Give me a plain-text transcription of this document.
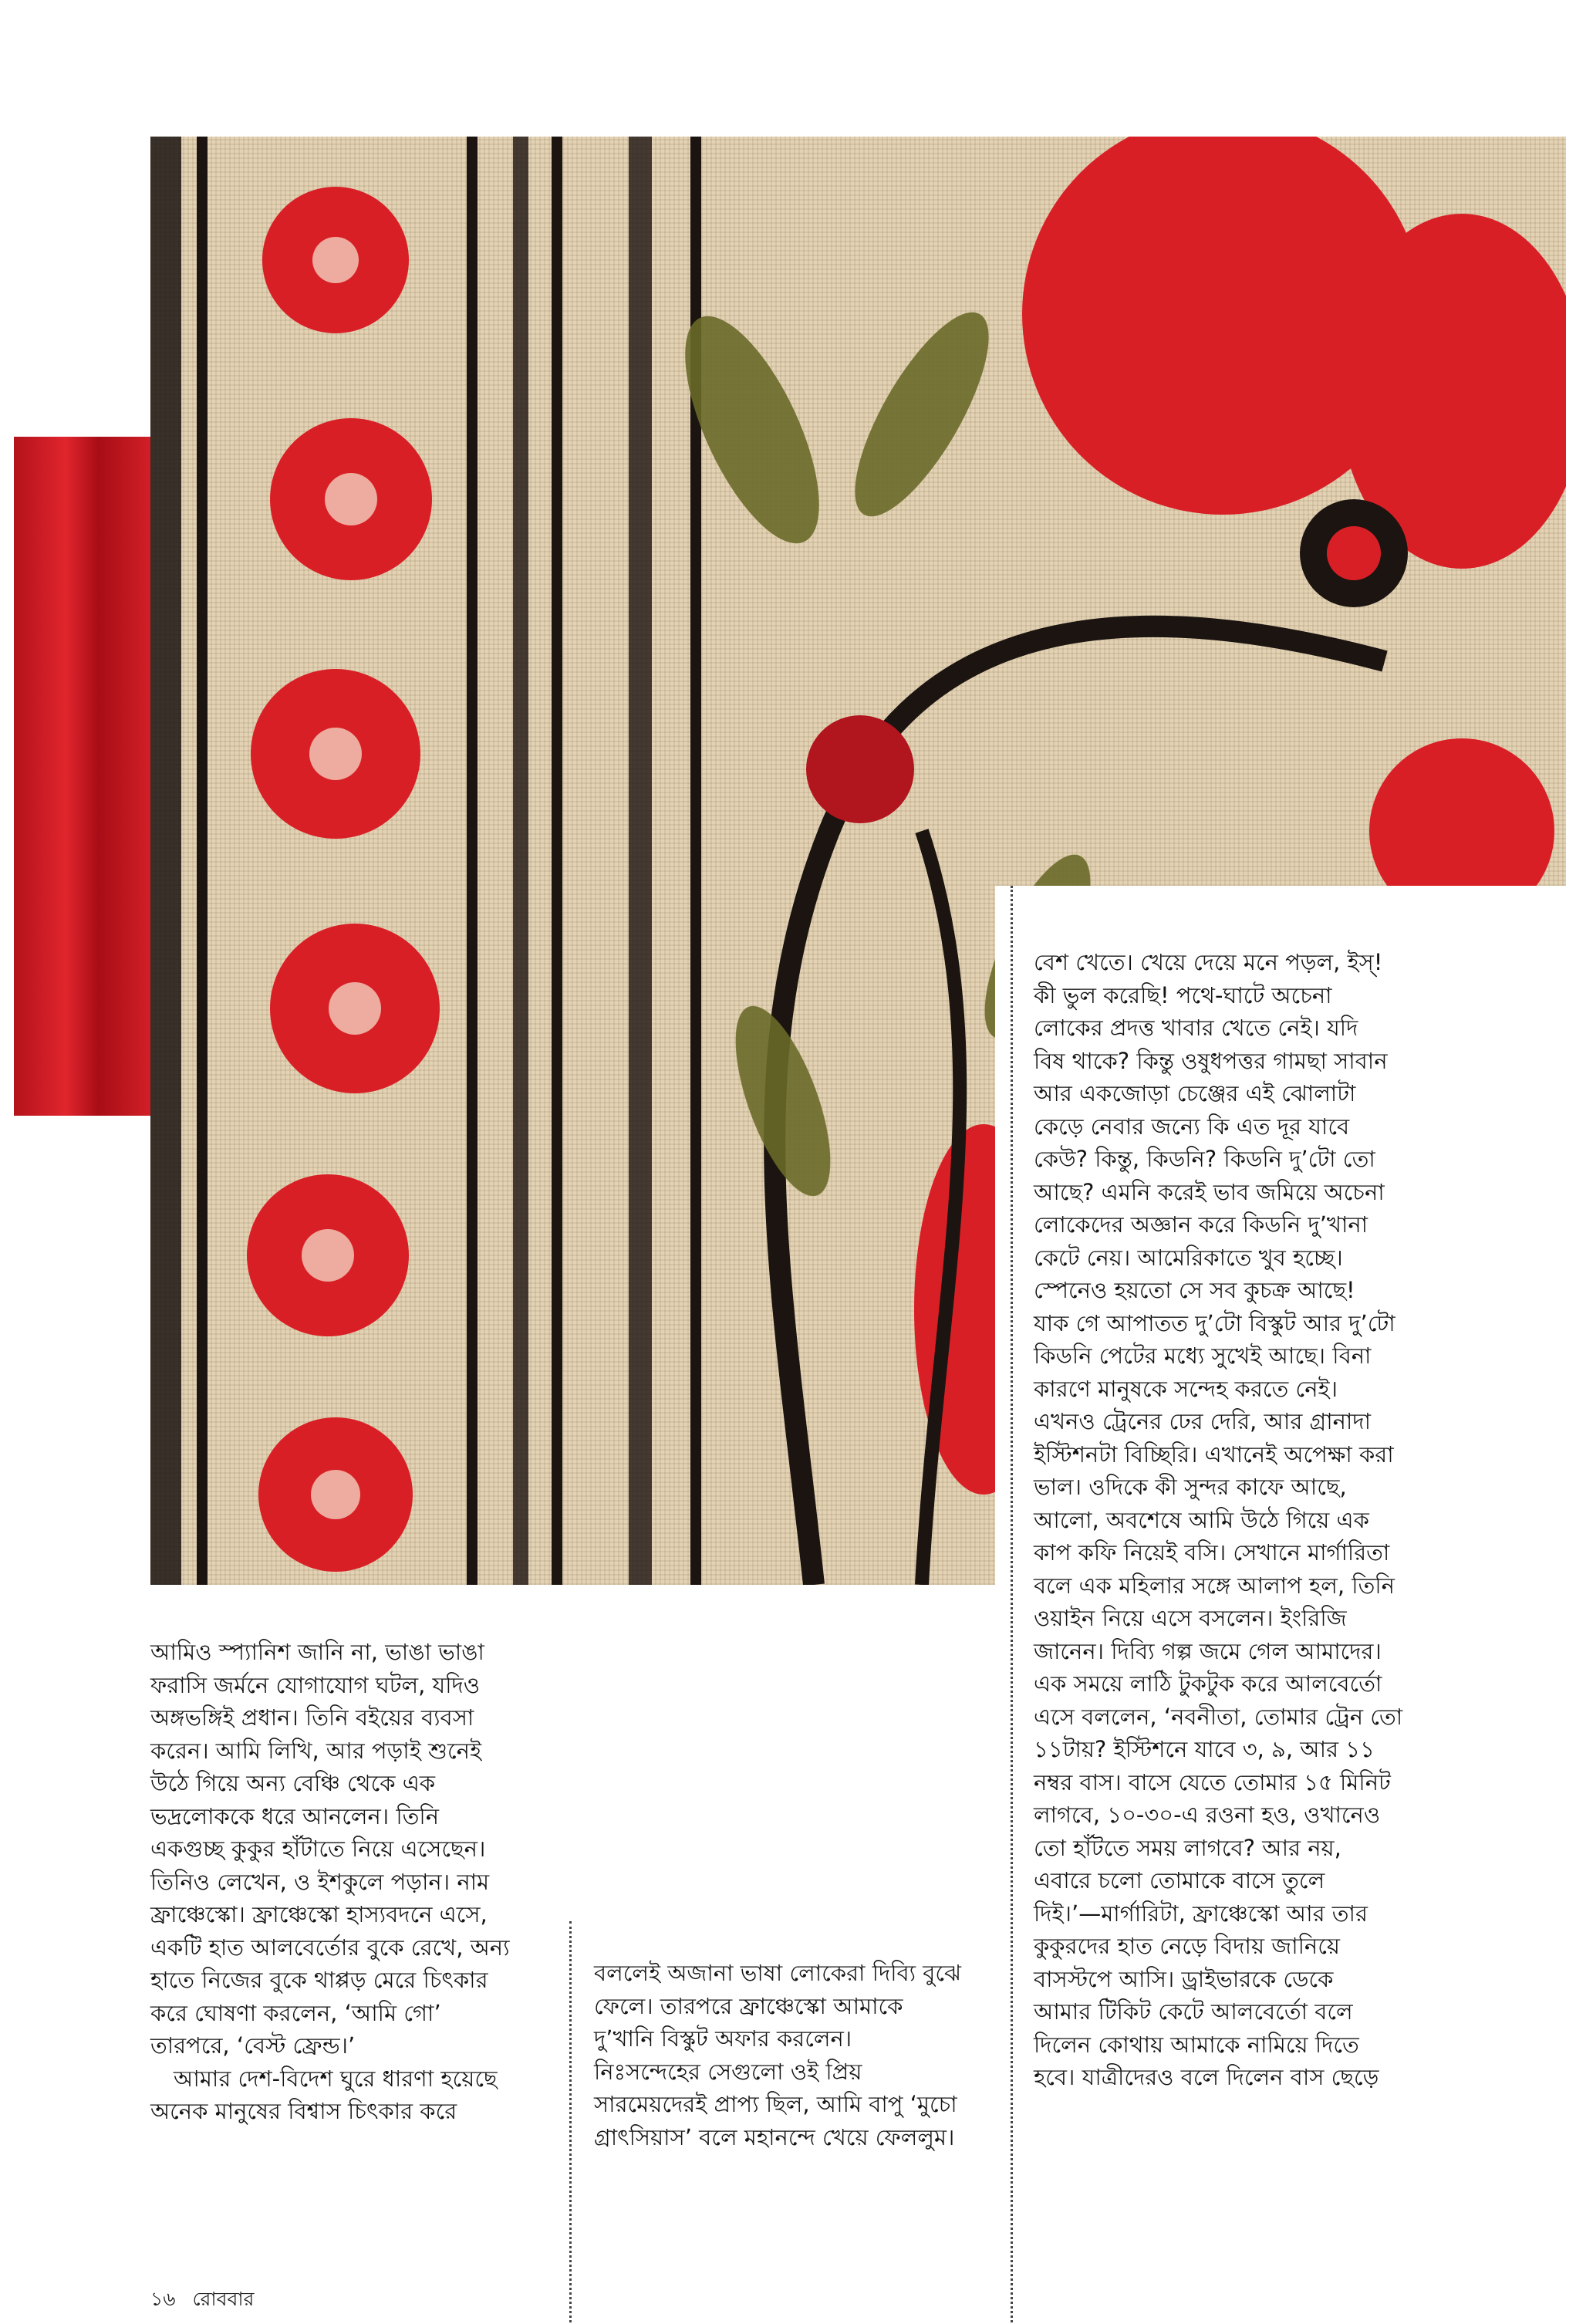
আমিও স্প্যানিশ জানি না, ভাঙা ভাঙা
ফরাসি জর্মনে যোগাযোগ ঘটল, যদিও
অঙ্গভঙ্গিই প্রধান। তিনি বইয়ের ব্যবসা
করেন। আমি লিখি, আর পড়াই শুনেই
উঠে গিয়ে অন্য বেঞ্চি থেকে এক
ভদ্রলোককে ধরে আনলেন। তিনি
একগুচ্ছ কুকুর হাঁটাতে নিয়ে এসেছেন।
তিনিও লেখেন, ও ইশকুলে পড়ান। নাম
ফ্রাঞ্চেস্কো। ফ্রাঞ্চেস্কো হাস্যবদনে এসে,
একটি হাত আলবের্তোর বুকে রেখে, অন্য
হাতে নিজের বুকে থাপ্পড় মেরে চিৎকার
করে ঘোষণা করলেন, ‘আমি গো’
তারপরে, ‘বেস্ট ফ্রেন্ড।’

আমার দেশ-বিদেশ ঘুরে ধারণা হয়েছে
অনেক মানুষের বিশ্বাস চিৎকার করে

বললেই অজানা ভাষা লোকেরা দিব্যি বুঝে
ফেলে। তারপরে ফ্রাঞ্চেস্কো আমাকে
দু’খানি বিস্কুট অফার করলেন।
নিঃসন্দেহের সেগুলো ওই প্রিয়
সারমেয়দেরই প্রাপ্য ছিল, আমি বাপু ‘মুচো
গ্রাৎসিয়াস’ বলে মহানন্দে খেয়ে ফেললুম।

বেশ খেতে। খেয়ে দেয়ে মনে পড়ল, ইস্!
কী ভুল করেছি! পথে-ঘাটে অচেনা
লোকের প্রদত্ত খাবার খেতে নেই। যদি
বিষ থাকে? কিন্তু ওষুধপত্তর গামছা সাবান
আর একজোড়া চেঞ্জের এই ঝোলাটা
কেড়ে নেবার জন্যে কি এত দূর যাবে
কেউ? কিন্তু, কিডনি? কিডনি দু’টো তো
আছে? এমনি করেই ভাব জমিয়ে অচেনা
লোকেদের অজ্ঞান করে কিডনি দু’খানা
কেটে নেয়। আমেরিকাতে খুব হচ্ছে।
স্পেনেও হয়তো সে সব কুচক্র আছে!
যাক গে আপাতত দু’টো বিস্কুট আর দু’টো
কিডনি পেটের মধ্যে সুখেই আছে। বিনা
কারণে মানুষকে সন্দেহ করতে নেই।
এখনও ট্রেনের ঢের দেরি, আর গ্রানাদা
ইস্টিশনটা বিচ্ছিরি। এখানেই অপেক্ষা করা
ভাল। ওদিকে কী সুন্দর কাফে আছে,
আলো, অবশেষে আমি উঠে গিয়ে এক
কাপ কফি নিয়েই বসি। সেখানে মার্গারিতা
বলে এক মহিলার সঙ্গে আলাপ হল, তিনি
ওয়াইন নিয়ে এসে বসলেন। ইংরিজি
জানেন। দিব্যি গল্প জমে গেল আমাদের।
এক সময়ে লাঠি টুকটুক করে আলবের্তো
এসে বললেন, ‘নবনীতা, তোমার ট্রেন তো
১১টায়? ইস্টিশনে যাবে ৩, ৯, আর ১১
নম্বর বাস। বাসে যেতে তোমার ১৫ মিনিট
লাগবে, ১০-৩০-এ রওনা হও, ওখানেও
তো হাঁটতে সময় লাগবে? আর নয়,
এবারে চলো তোমাকে বাসে তুলে
দিই।’—মার্গারিটা, ফ্রাঞ্চেস্কো আর তার
কুকুরদের হাত নেড়ে বিদায় জানিয়ে
বাসস্টপে আসি। ড্রাইভারকে ডেকে
আমার টিকিট কেটে আলবের্তো বলে
দিলেন কোথায় আমাকে নামিয়ে দিতে
হবে। যাত্রীদেরও বলে দিলেন বাস ছেড়ে

১৬ রোববার
